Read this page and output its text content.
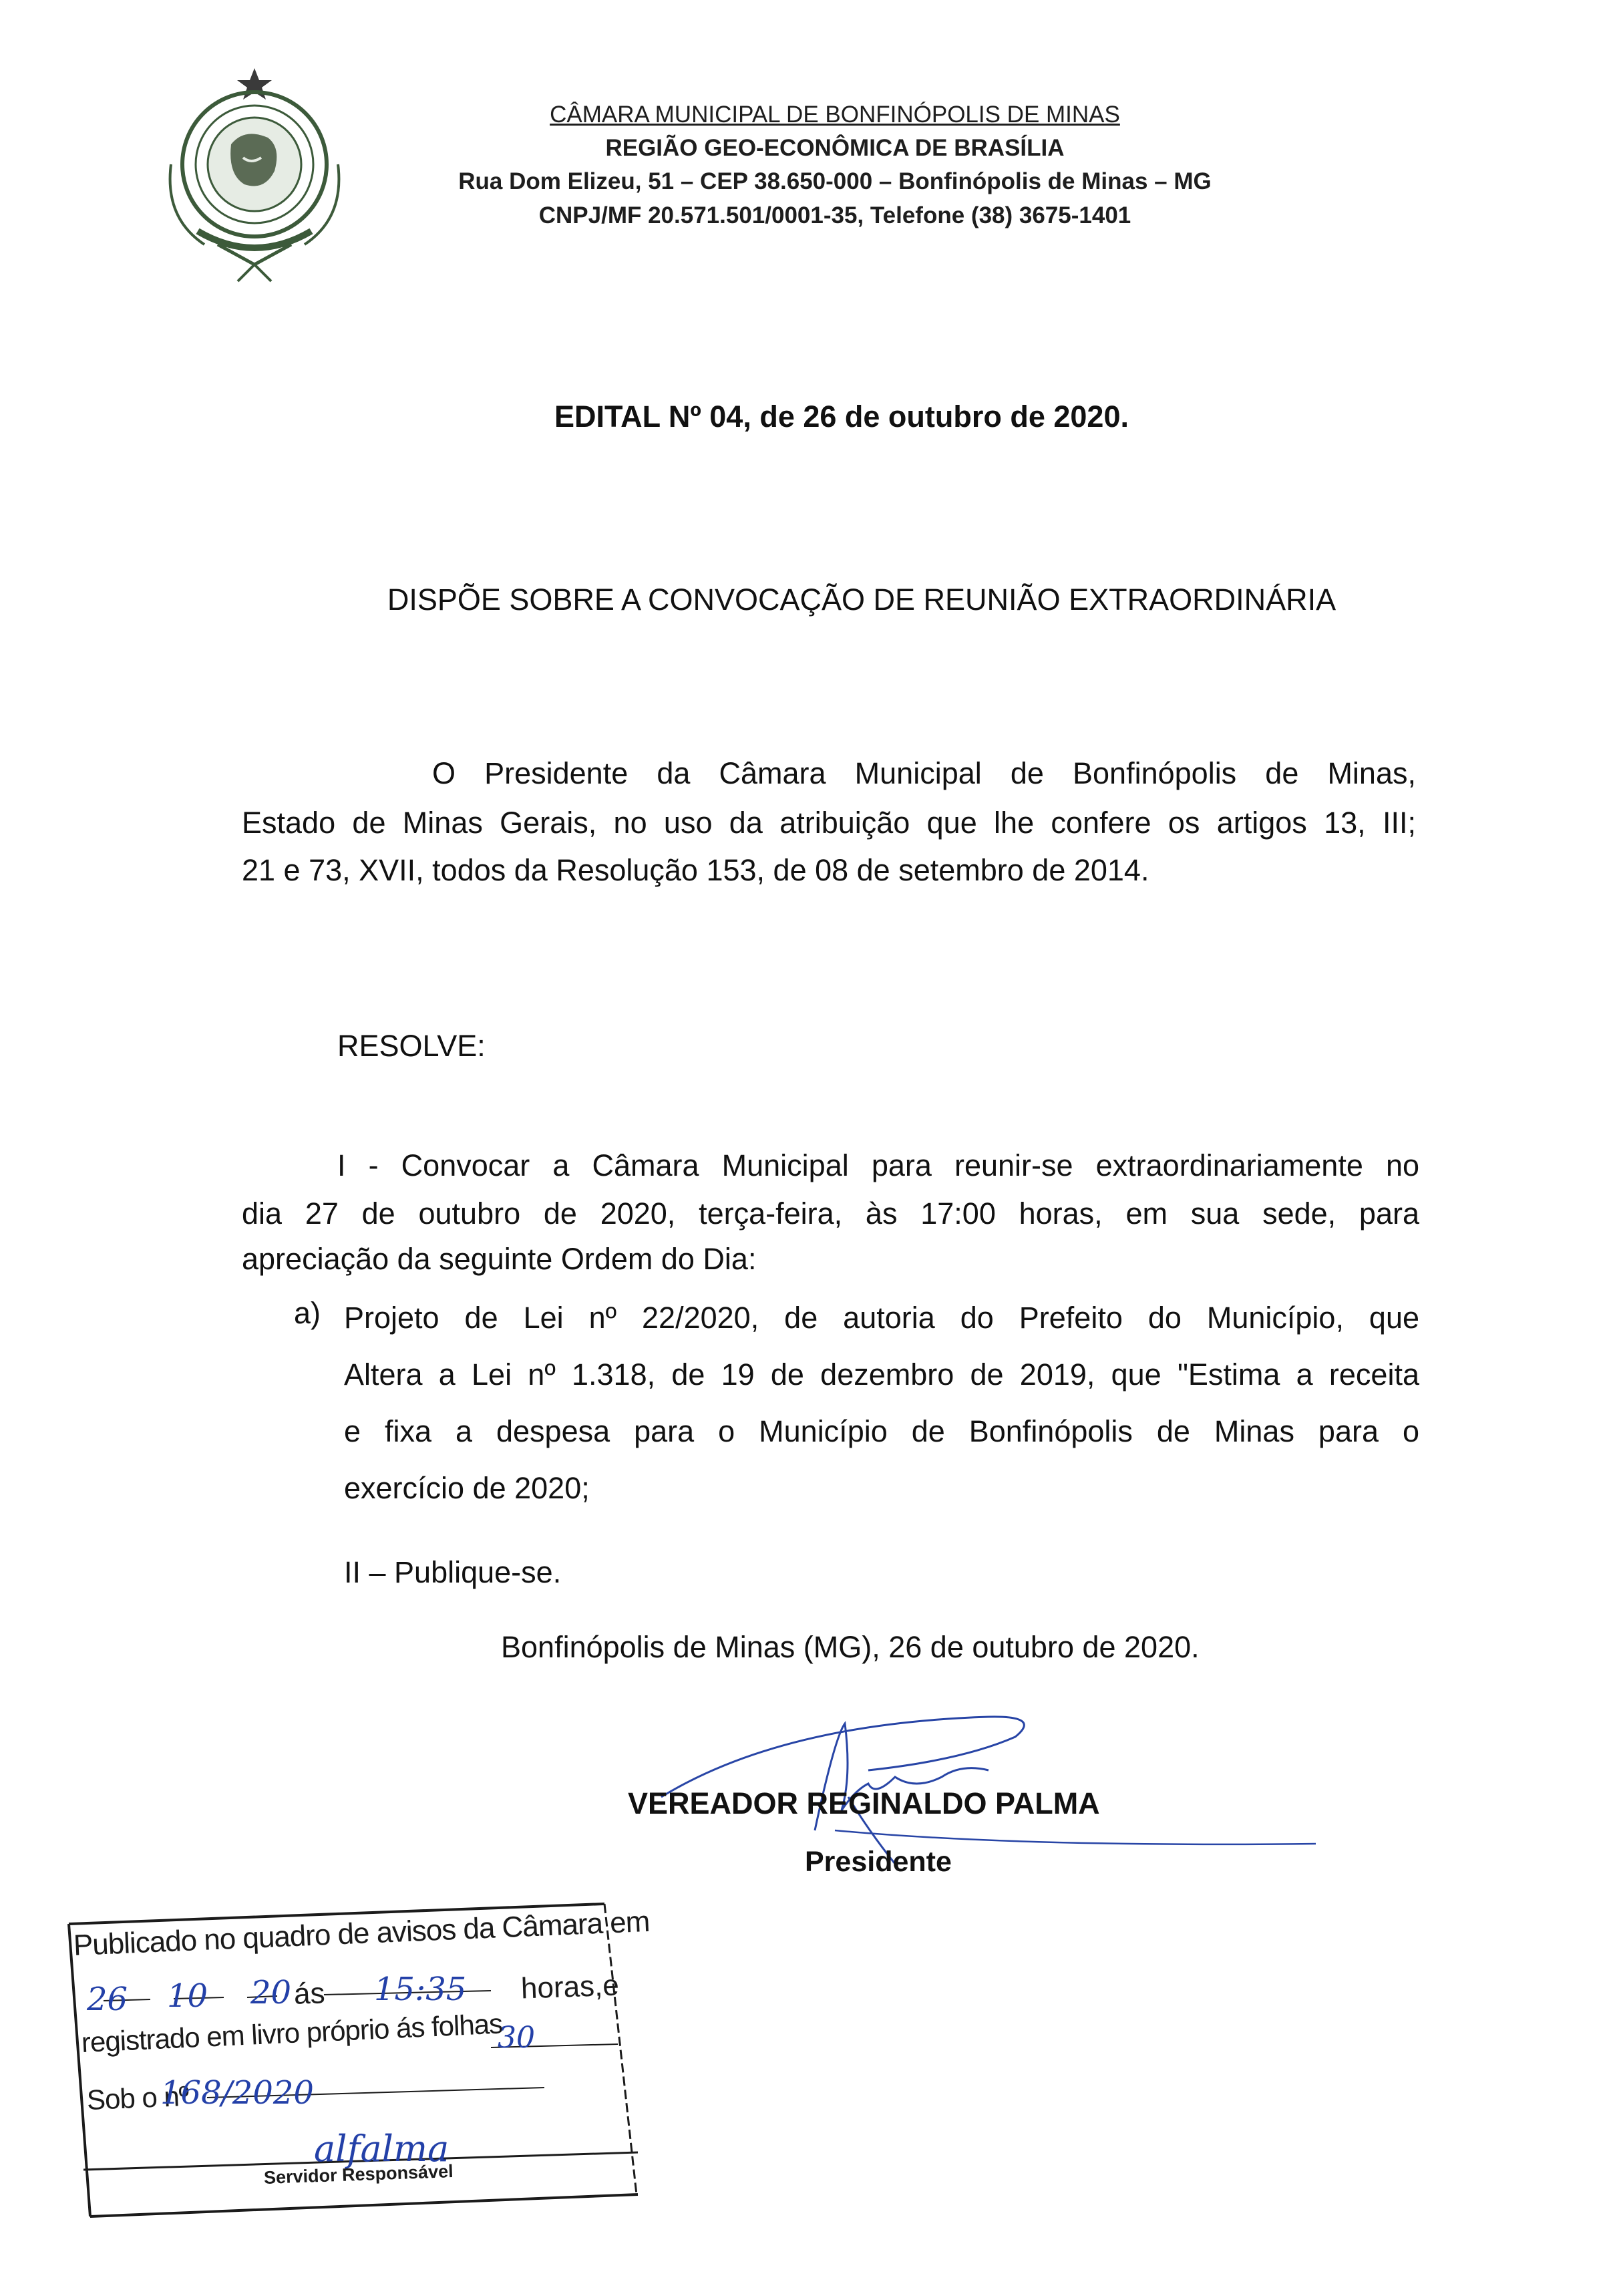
CÂMARA MUNICIPAL DE BONFINÓPOLIS DE MINAS
REGIÃO GEO-ECONÔMICA DE BRASÍLIA
Rua Dom Elizeu, 51 – CEP 38.650-000 – Bonfinópolis de Minas – MG
CNPJ/MF 20.571.501/0001-35, Telefone (38) 3675-1401
EDITAL Nº 04, de 26 de outubro de 2020.
DISPÕE SOBRE A CONVOCAÇÃO DE REUNIÃO EXTRAORDINÁRIA
O Presidente da Câmara Municipal de Bonfinópolis de Minas,
Estado de Minas Gerais, no uso da atribuição que lhe confere os artigos 13, III;
21 e 73, XVII, todos da Resolução 153, de 08 de setembro de 2014.
RESOLVE:
I - Convocar a Câmara Municipal para reunir-se extraordinariamente no
dia 27 de outubro de 2020, terça-feira, às 17:00 horas, em sua sede, para
apreciação da seguinte Ordem do Dia:
a) Projeto de Lei nº 22/2020, de autoria do Prefeito do Município, que
Altera a Lei nº 1.318, de 19 de dezembro de 2019, que "Estima a receita
e fixa a despesa para o Município de Bonfinópolis de Minas para o
exercício de 2020;
II – Publique-se.
Bonfinópolis de Minas (MG), 26 de outubro de 2020.
VEREADOR REGINALDO PALMA
Presidente
Publicado no quadro de avisos da Câmara em
ás	horas,e
registrado em livro próprio ás folhas
Sob o nº
26 10 20	15:35
30
168/2020
alfalma
Servidor Responsável
